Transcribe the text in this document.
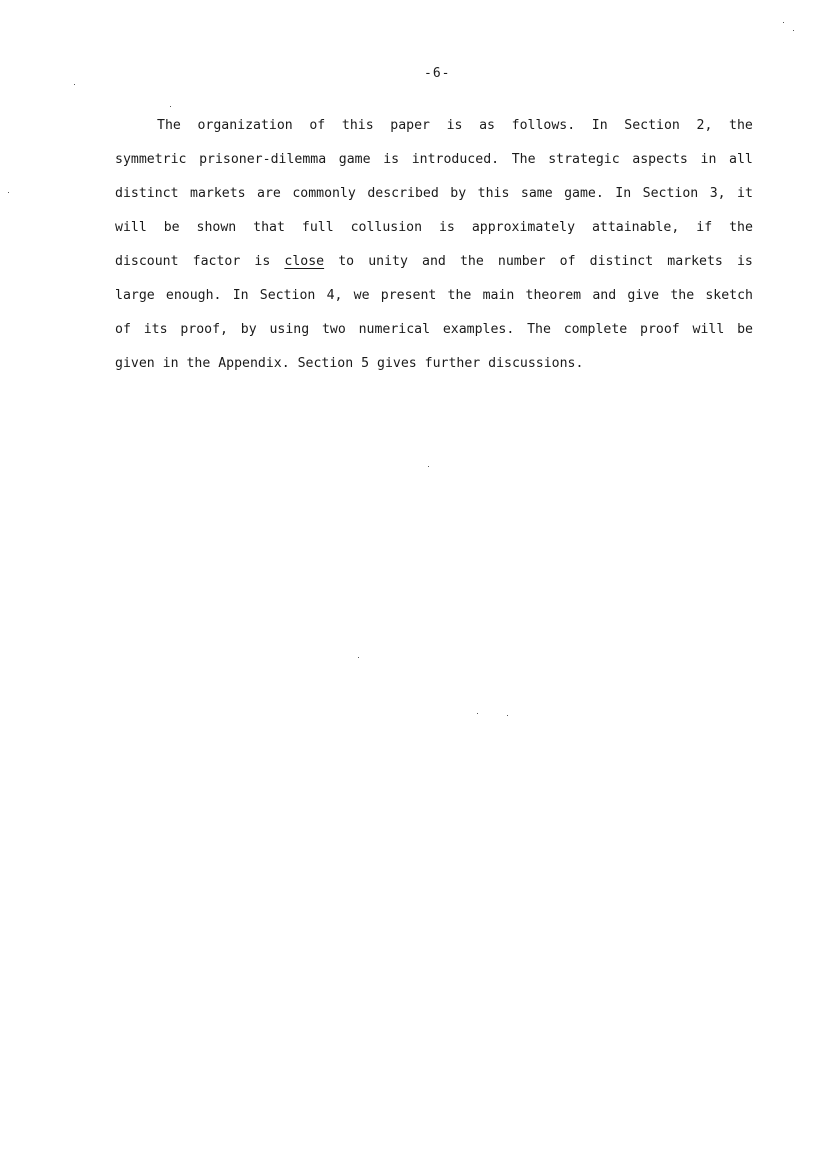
-6-
The organization of this paper is as follows. In Section 2, the
symmetric prisoner-dilemma game is introduced. The strategic aspects in all
distinct markets are commonly described by this same game. In Section 3, it
will be shown that full collusion is approximately attainable, if the
discount factor is close to unity and the number of distinct markets is
large enough. In Section 4, we present the main theorem and give the sketch
of its proof, by using two numerical examples. The complete proof will be
given in the Appendix. Section 5 gives further discussions.
